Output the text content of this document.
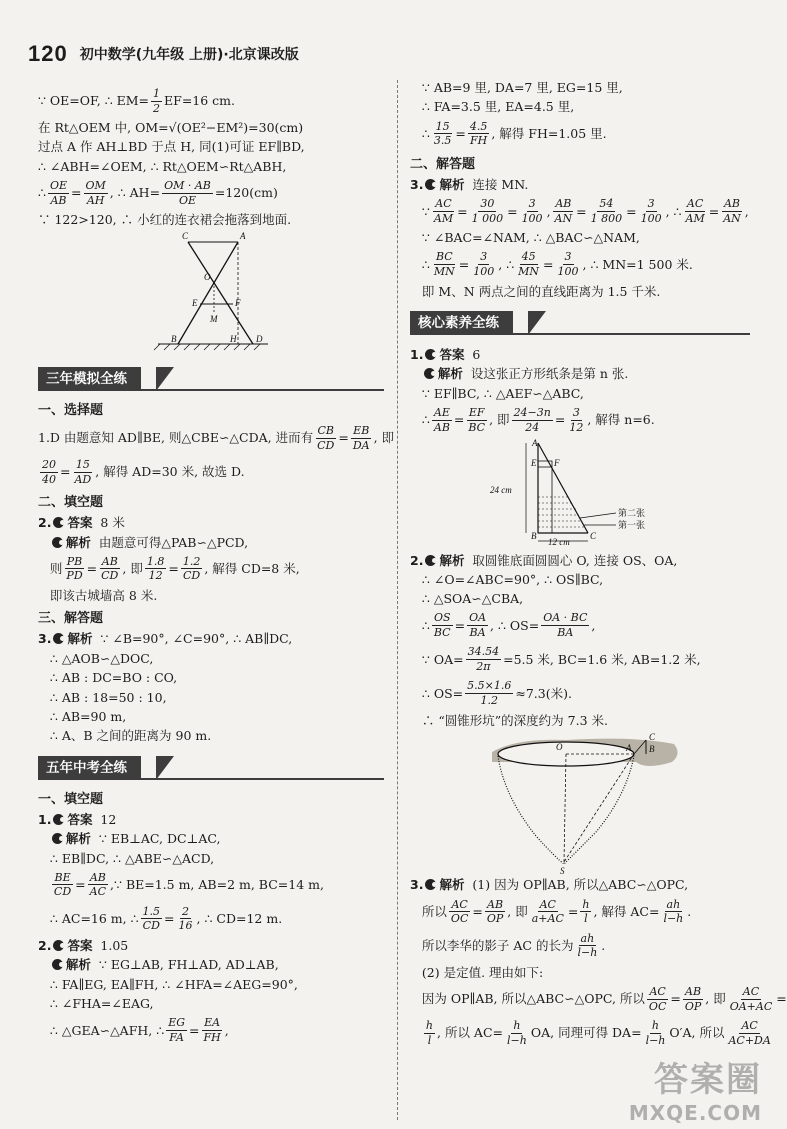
120 初中数学(九年级 上册)·北京课改版
∵ OE=OF, ∴ $EM= \frac{1}{2} EF=16$ cm.
在 Rt△OEM 中, OM=√(OE²−EM²)=30(cm)
过点 A 作 AH⊥BD 于点 H, 同(1)可证 EF∥BD,
∴ ∠ABH=∠OEM, ∴ Rt△OEM∽Rt△ABH,
∴ $\frac{OE}{AB} = \frac{OM}{AH}$ , ∴ $AH= \frac{OM \cdot AB}{OE} =120(cm)$
∵ 122>120, ∴ 小红的连衣裙会拖落到地面.
C	A
O
E	F
M
B	H D
三年模拟全练
一、选择题
1.D 由题意知 AD∥BE, 则△CBE∽△CDA, 进而有 $\frac{CB}{CD} = \frac{EB}{DA}$ , 即
$\frac{20}{40} = \frac{15}{AD}$ , 解得 AD=30 米, 故选 D.
二、填空题
2. 答案 8 米
解析 由题意可得△PAB∽△PCD,
则 $\frac{PB}{PD} = \frac{AB}{CD}$ , 即 $\frac{1.8}{12} = \frac{1.2}{CD}$ , 解得 CD=8 米,
即该古城墙高 8 米.
三、解答题
3. 解析 ∵ ∠B=90°, ∠C=90°, ∴ AB∥DC,
∴ △AOB∽△DOC,
∴ AB : DC=BO : CO,
∴ AB : 18=50 : 10,
∴ AB=90 m,
∴ A、B 之间的距离为 90 m.
五年中考全练
一、填空题
1. 答案 12
解析 ∵ EB⊥AC, DC⊥AC,
∴ EB∥DC, ∴ △ABE∽△ACD,

$\frac{BE}{CD} = \frac{AB}{AC}$ , ∵ BE=1.5 m, AB=2 m, BC=14 m,

∴ AC=16 m, ∴ $\frac{1.5}{CD} = \frac{2}{16}$ , ∴ CD=12 m.
2. 答案 1.05
解析 ∵ EG⊥AB, FH⊥AD, AD⊥AB,
∴ FA∥EG, EA∥FH, ∴ ∠HFA=∠AEG=90°,
∴ ∠FHA=∠EAG,

∴ △GEA∽△AFH, ∴ $\frac{EG}{FA} = \frac{EA}{FH}$ ,
∵ AB=9 里, DA=7 里, EG=15 里,
∴ FA=3.5 里, EA=4.5 里,
∴ $\frac{15}{3.5} = \frac{4.5}{FH}$ , 解得 FH=1.05 里.
二、解答题
3. 解析 连接 MN.
∵ $\frac{AC}{AM} = \frac{30}{1 000} = \frac{3}{100}$ , $\frac{AB}{AN} = \frac{54}{1 800} = \frac{3}{100}$ , ∴ $\frac{AC}{AM} = \frac{AB}{AN}$ ,
∵ ∠BAC=∠NAM, ∴ △BAC∽△NAM,
∴ $\frac{BC}{MN} = \frac{3}{100}$ , ∴ $\frac{45}{MN} = \frac{3}{100}$ , ∴ MN=1 500 米.
即 M、N 两点之间的直线距离为 1.5 千米.
核心素养全练
1. 答案 6
解析 设这张正方形纸条是第 n 张.
∵ EF∥BC, ∴ △AEF∽△ABC,
∴ $\frac{AE}{AB} = \frac{EF}{BC}$ , 即 $\frac{24-3n}{24} = \frac{3}{12}$ , 解得 n=6.
A
E F
B	C
24 cm
12 cm
第二张
第一张
2. 解析 取圆锥底面圆圆心 O, 连接 OS、OA,
∴ ∠O=∠ABC=90°, ∴ OS∥BC,
∴ △SOA∽△CBA,
∴ $\frac{OS}{BC} = \frac{OA}{BA}$ , ∴ $OS= \frac{OA \cdot BC}{BA}$ ,

∵ $OA= \frac{34.54}{2\pi} =5.5$ 米, BC=1.6 米, AB=1.2 米,

∴ $OS= \frac{5.5\times 1.6}{1.2} \approx 7.3$(米).
∴ “圆锥形坑”的深度约为 7.3 米.
O	A B
C
S
3. 解析 (1) 因为 OP∥AB, 所以△ABC∽△OPC,
所以 $\frac{AC}{OC} = \frac{AB}{OP}$ , 即 $\frac{AC}{a+AC} = \frac{h}{l}$ , 解得 $AC= \frac{ah}{l-h}$ .

所以李华的影子 AC 的长为 $\frac{ah}{l-h}$ .
(2) 是定值. 理由如下:

因为 OP∥AB, 所以△ABC∽△OPC, 所以 $\frac{AC}{OC} = \frac{AB}{OP}$ , 即 $\frac{AC}{OA+AC}$ =

$\frac{h}{l}$ , 所以 $AC= \frac{h}{l-h}$ OA, 同理可得 $DA= \frac{h}{l-h} O'A$, 所以 $\frac{AC}{AC+DA}$
答案圈
MXQE.COM
